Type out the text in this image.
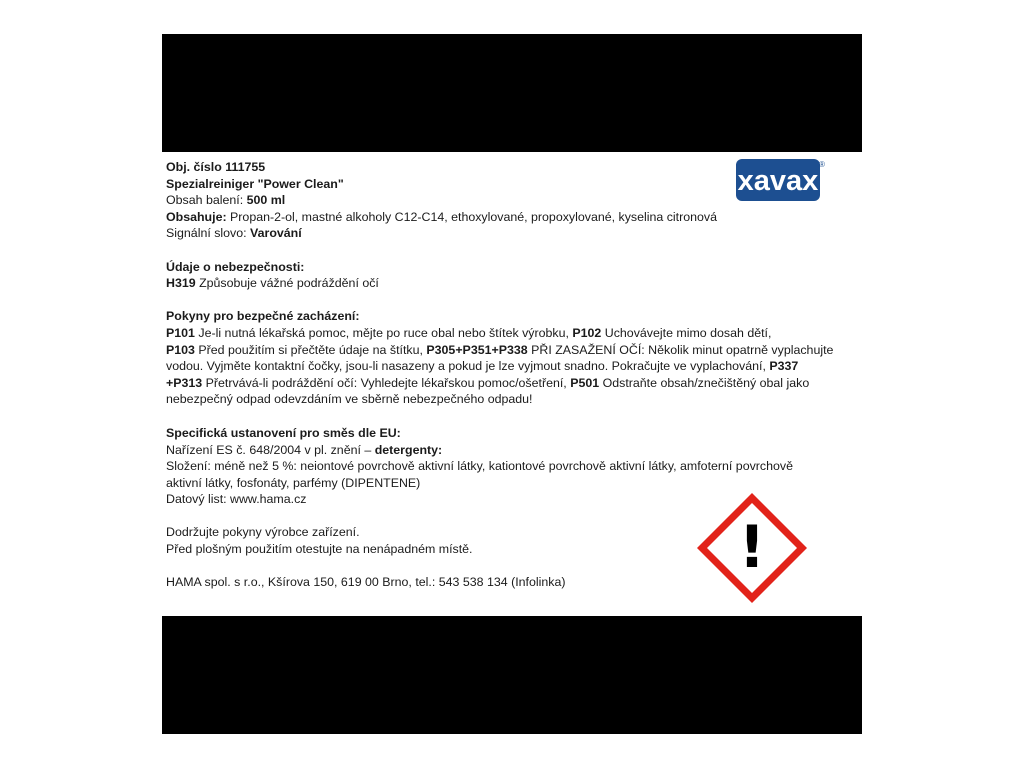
Obj. číslo 111755
Spezialreiniger "Power Clean"
Obsah balení: 500 ml
Obsahuje: Propan-2-ol, mastné alkoholy C12-C14, ethoxylované, propoxylované, kyselina citronová
Signální slovo: Varování
Údaje o nebezpečnosti:
H319 Způsobuje vážné podráždění očí
Pokyny pro bezpečné zacházení:
P101 Je-li nutná lékařská pomoc, mějte po ruce obal nebo štítek výrobku, P102 Uchovávejte mimo dosah dětí,
P103 Před použitím si přečtěte údaje na štítku, P305+P351+P338 PŘI ZASAŽENÍ OČÍ: Několik minut opatrně vyplachujte
vodou. Vyjměte kontaktní čočky, jsou-li nasazeny a pokud je lze vyjmout snadno. Pokračujte ve vyplachování, P337
+P313 Přetrvává-li podráždění očí: Vyhledejte lékařskou pomoc/ošetření, P501 Odstraňte obsah/znečištěný obal jako
nebezpečný odpad odevzdáním ve sběrně nebezpečného odpadu!
Specifická ustanovení pro směs dle EU:
Nařízení ES č. 648/2004 v pl. znění – detergenty:
Složení: méně než 5 %: neiontové povrchově aktivní látky, kationtové povrchově aktivní látky, amfoterní povrchově
aktivní látky, fosfonáty, parfémy (DIPENTENE)
Datový list: www.hama.cz
Dodržujte pokyny výrobce zařízení.
Před plošným použitím otestujte na nenápadném místě.
HAMA spol. s r.o., Kšírova 150, 619 00 Brno, tel.: 543 538 134 (Infolinka)
xavax
®
!
